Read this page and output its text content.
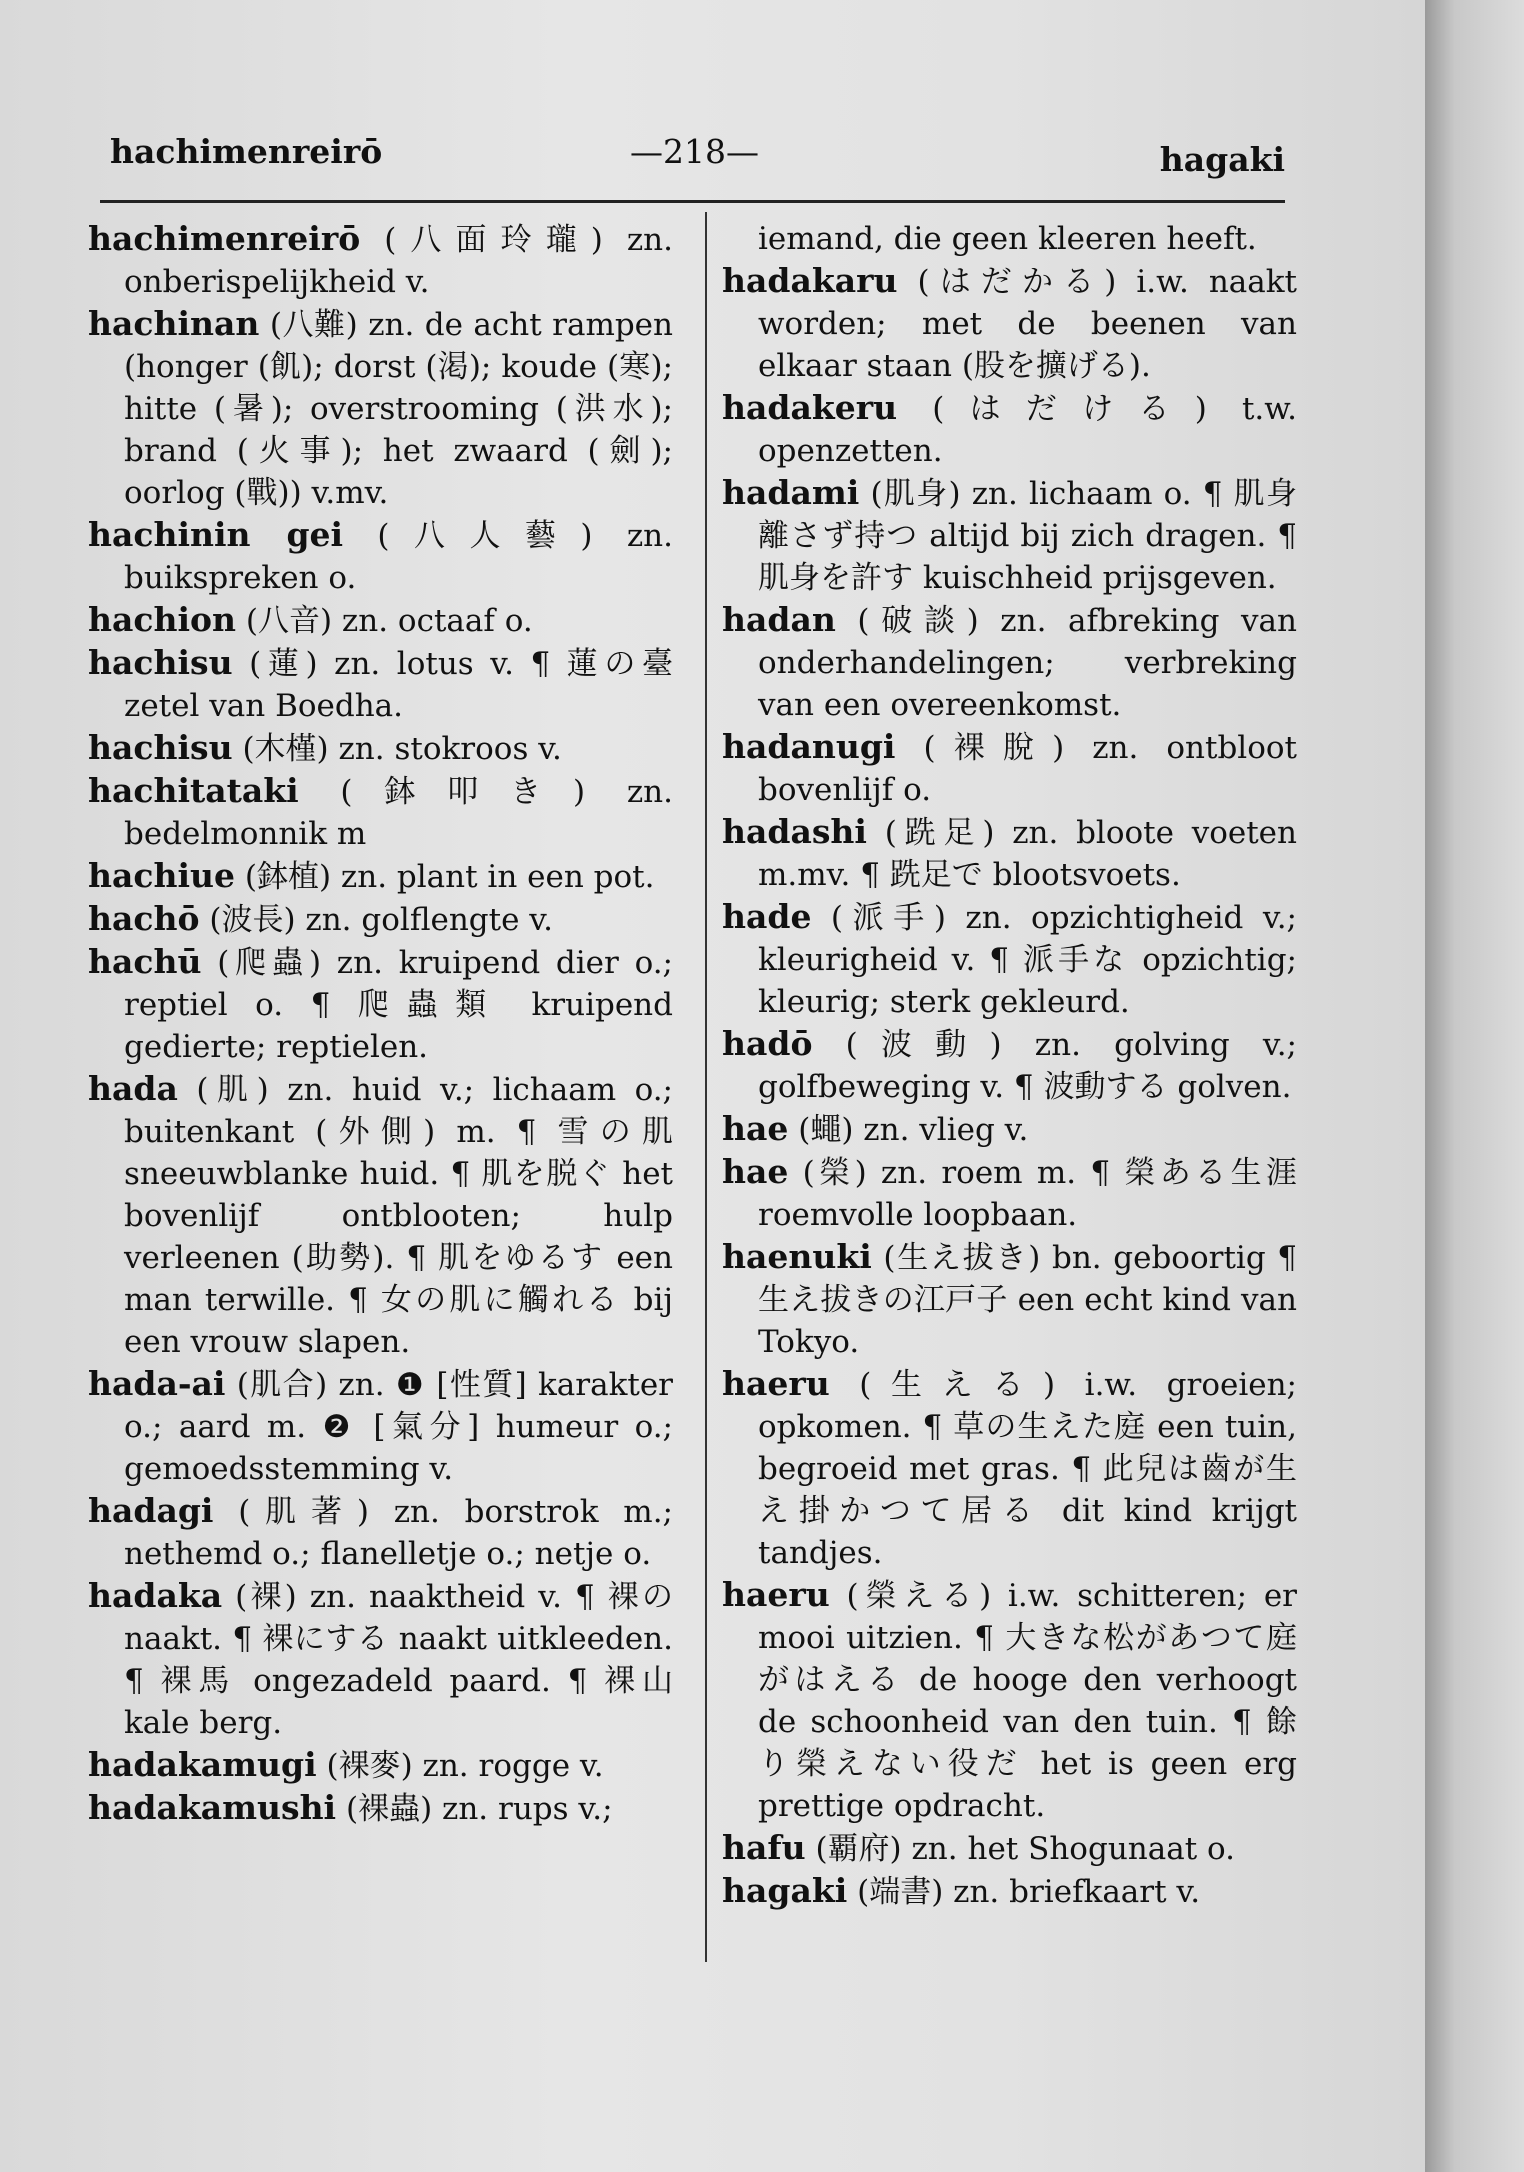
hachimenreirō	—218—	hagaki

hachimenreirō (八面玲瓏) zn. onberispelijkheid v.

hachinan (八難) zn. de acht rampen (honger (飢); dorst (渇); koude (寒); hitte (暑); overstrooming (洪水); brand (火事); het zwaard (劍); oorlog (戰)) v.mv.

hachinin gei (八人藝) zn. buikspreken o.

hachion (八音) zn. octaaf o.

hachisu (蓮) zn. lotus v. ¶ 蓮の臺 zetel van Boedha.

hachisu (木槿) zn. stokroos v.

hachitataki (鉢叩き) zn. bedelmonnik m

hachiue (鉢植) zn. plant in een pot.

hachō (波長) zn. golflengte v.

hachū (爬蟲) zn. kruipend dier o.; reptiel o. ¶ 爬蟲類 kruipend gedierte; reptielen.

hada (肌) zn. huid v.; lichaam o.; buitenkant (外側) m. ¶ 雪の肌 sneeuwblanke huid. ¶ 肌を脱ぐ het bovenlijf ontblooten; hulp verleenen (助勢). ¶ 肌をゆるす een man terwille. ¶ 女の肌に觸れる bij een vrouw slapen.

hada-ai (肌合) zn. ❶ [性質] karakter o.; aard m. ❷ [氣分] humeur o.; gemoedsstemming v.

hadagi (肌著) zn. borstrok m.; nethemd o.; flanelletje o.; netje o.

hadaka (裸) zn. naaktheid v. ¶ 裸の naakt. ¶ 裸にする naakt uitkleeden. ¶ 裸馬 ongezadeld paard. ¶ 裸山 kale berg.

hadakamugi (裸麥) zn. rogge v.

hadakamushi (裸蟲) zn. rups v.;

iemand, die geen kleeren heeft.

hadakaru (はだかる) i.w. naakt worden; met de beenen van elkaar staan (股を擴げる).

hadakeru (はだける) t.w. openzetten.

hadami (肌身) zn. lichaam o. ¶ 肌身離さず持つ altijd bij zich dragen. ¶ 肌身を許す kuischheid prijsgeven.

hadan (破談) zn. afbreking van onderhandelingen; verbreking van een overeenkomst.

hadanugi (裸脫) zn. ontbloot bovenlijf o.

hadashi (跣足) zn. bloote voeten m.mv. ¶ 跣足で blootsvoets.

hade (派手) zn. opzichtigheid v.; kleurigheid v. ¶ 派手な opzichtig; kleurig; sterk gekleurd.

hadō (波動) zn. golving v.; golfbeweging v. ¶ 波動する golven.

hae (蠅) zn. vlieg v.

hae (榮) zn. roem m. ¶ 榮ある生涯 roemvolle loopbaan.

haenuki (生え拔き) bn. geboortig ¶ 生え拔きの江戸子 een echt kind van Tokyo.

haeru (生える) i.w. groeien; opkomen. ¶ 草の生えた庭 een tuin, begroeid met gras. ¶ 此兒は齒が生え掛かつて居る dit kind krijgt tandjes.

haeru (榮える) i.w. schitteren; er mooi uitzien. ¶ 大きな松があつて庭がはえる de hooge den verhoogt de schoonheid van den tuin. ¶ 餘り榮えない役だ het is geen erg prettige opdracht.

hafu (覇府) zn. het Shogunaat o.

hagaki (端書) zn. briefkaart v.
